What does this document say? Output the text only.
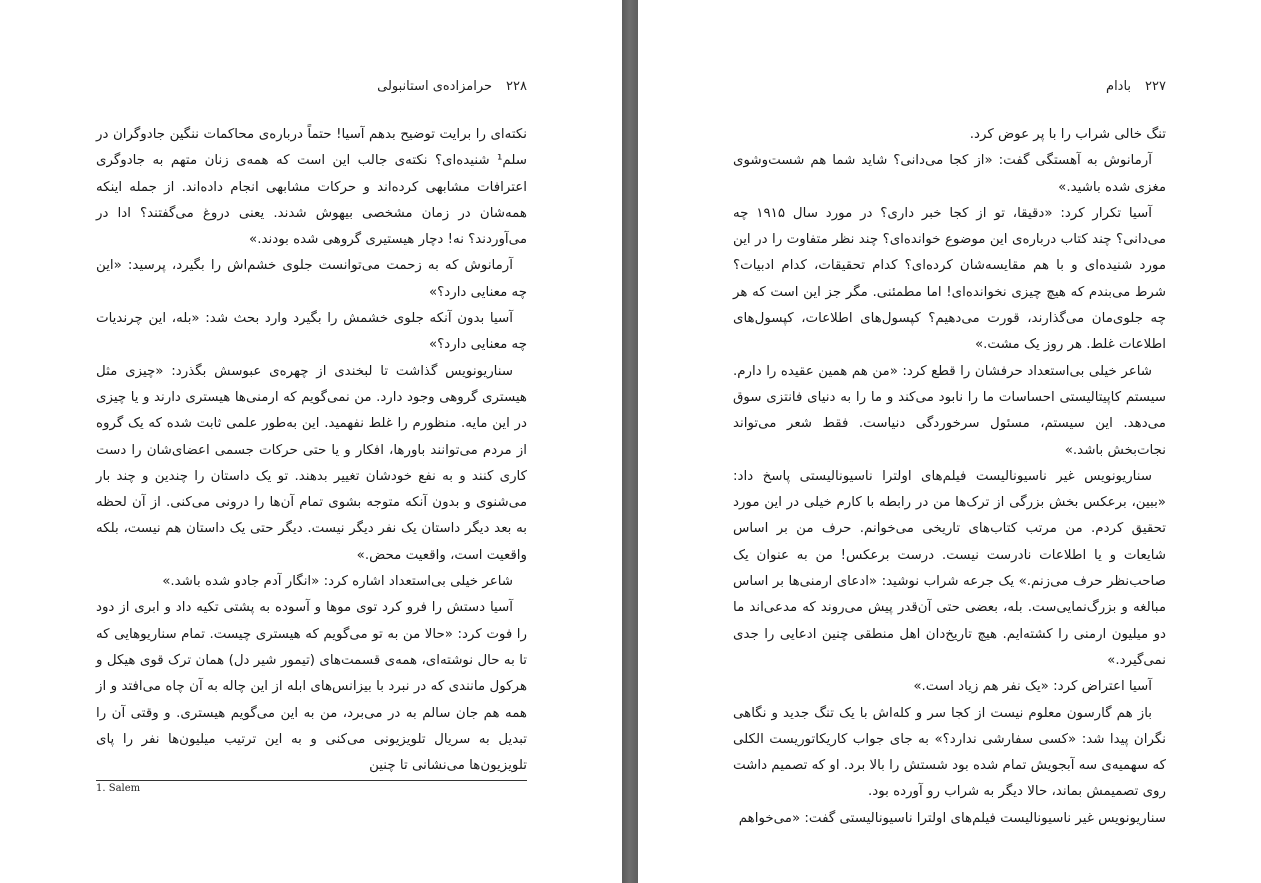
۲۲۸
حرامزاده‌ی استانبولی

نکته‌ای را برایت توضیح بدهم آسیا! حتماً درباره‌ی محاکمات ننگین جادوگران در سلم¹ شنیده‌ای؟ نکته‌ی جالب این است که همه‌ی زنان متهم به جادوگری اعترافات مشابهی کرده‌اند و حرکات مشابهی انجام داده‌اند. از جمله اینکه همه‌شان در زمان مشخصی بیهوش شدند. یعنی دروغ می‌گفتند؟ ادا در می‌آوردند؟ نه! دچار هیستیری گروهی شده بودند.»

آرمانوش که به زحمت می‌توانست جلوی خشم‌اش را بگیرد، پرسید: «این چه معنایی دارد؟»

آسیا بدون آنکه جلوی خشمش را بگیرد وارد بحث شد: «بله، این چرندیات چه معنایی دارد؟»

سناریونویس گذاشت تا لبخندی از چهره‌ی عبوسش بگذرد: «چیزی مثل هیستری گروهی وجود دارد. من نمی‌گویم که ارمنی‌ها هیستری دارند و یا چیزی در این مایه. منظورم را غلط نفهمید. این به‌طور علمی ثابت شده که یک گروه از مردم می‌توانند باورها، افکار و یا حتی حرکات جسمی اعضای‌شان را دست کاری کنند و به نفع خودشان تغییر بدهند. تو یک داستان را چندین و چند بار می‌شنوی و بدون آنکه متوجه بشوی تمام آن‌ها را درونی می‌کنی. از آن لحظه به بعد دیگر داستان یک نفر دیگر نیست. دیگر حتی یک داستان هم نیست، بلکه واقعیت است، واقعیت محض.»

شاعر خیلی بی‌استعداد اشاره کرد: «انگار آدم جادو شده باشد.»

آسیا دستش را فرو کرد توی موها و آسوده به پشتی تکیه داد و ابری از دود را فوت کرد: «حالا من به تو می‌گویم که هیستری چیست. تمام سناریوهایی که تا به حال نوشته‌ای، همه‌ی قسمت‌های (تیمور شیر دل) همان ترک قوی هیکل و هرکول مانندی که در نبرد با بیزانس‌های ابله از این چاله به آن چاه می‌افتد و از همه هم جان سالم به در می‌برد، من به این می‌گویم هیستری. و وقتی آن را تبدیل به سریال تلویزیونی می‌کنی و به این ترتیب میلیون‌ها نفر را پای تلویزیون‌ها می‌نشانی تا چنین

1. Salem
۲۲۷
بادام

تنگ خالی شراب را با پر عوض کرد.

آرمانوش به آهستگی گفت: «از کجا می‌دانی؟ شاید شما هم شست‌وشوی مغزی شده باشید.»

آسیا تکرار کرد: «دقیقا، تو از کجا خبر داری؟ در مورد سال ۱۹۱۵ چه می‌دانی؟ چند کتاب درباره‌ی این موضوع خوانده‌ای؟ چند نظر متفاوت را در این مورد شنیده‌ای و با هم مقایسه‌شان کرده‌ای؟ کدام تحقیقات، کدام ادبیات؟ شرط می‌بندم که هیچ چیزی نخوانده‌ای! اما مطمئنی. مگر جز این است که هر چه جلوی‌مان می‌گذارند، قورت می‌دهیم؟ کپسول‌های اطلاعات، کپسول‌های اطلاعات غلط. هر روز یک مشت.»

شاعر خیلی بی‌استعداد حرفشان را قطع کرد: «من هم همین عقیده را دارم. سیستم کاپیتالیستی احساسات ما را نابود می‌کند و ما را به دنیای فانتزی سوق می‌دهد. این سیستم، مسئول سرخوردگی دنیاست. فقط شعر می‌تواند نجات‌بخش باشد.»

سناریونویس غیر ناسیونالیست فیلم‌های اولترا ناسیونالیستی پاسخ داد: «ببین، برعکس بخش بزرگی از ترک‌ها من در رابطه با کارم خیلی در این مورد تحقیق کردم. من مرتب کتاب‌های تاریخی می‌خوانم. حرف من بر اساس شایعات و یا اطلاعات نادرست نیست. درست برعکس! من به عنوان یک صاحب‌نظر حرف می‌زنم.» یک جرعه شراب نوشید: «ادعای ارمنی‌ها بر اساس مبالغه و بزرگ‌نمایی‌ست. بله، بعضی حتی آن‌قدر پیش می‌روند که مدعی‌اند ما دو میلیون ارمنی را کشته‌ایم. هیچ تاریخ‌دان اهل منطقی چنین ادعایی را جدی نمی‌گیرد.»

آسیا اعتراض کرد: «یک نفر هم زیاد است.»

باز هم گارسون معلوم نیست از کجا سر و کله‌اش با یک تنگ جدید و نگاهی نگران پیدا شد: «کسی سفارشی ندارد؟» به جای جواب کاریکاتوریست الکلی که سهمیه‌ی سه آبجویش تمام شده بود شستش را بالا برد. او که تصمیم داشت روی تصمیمش بماند، حالا دیگر به شراب رو آورده بود.

سناریونویس غیر ناسیونالیست فیلم‌های اولترا ناسیونالیستی گفت: «می‌خواهم
